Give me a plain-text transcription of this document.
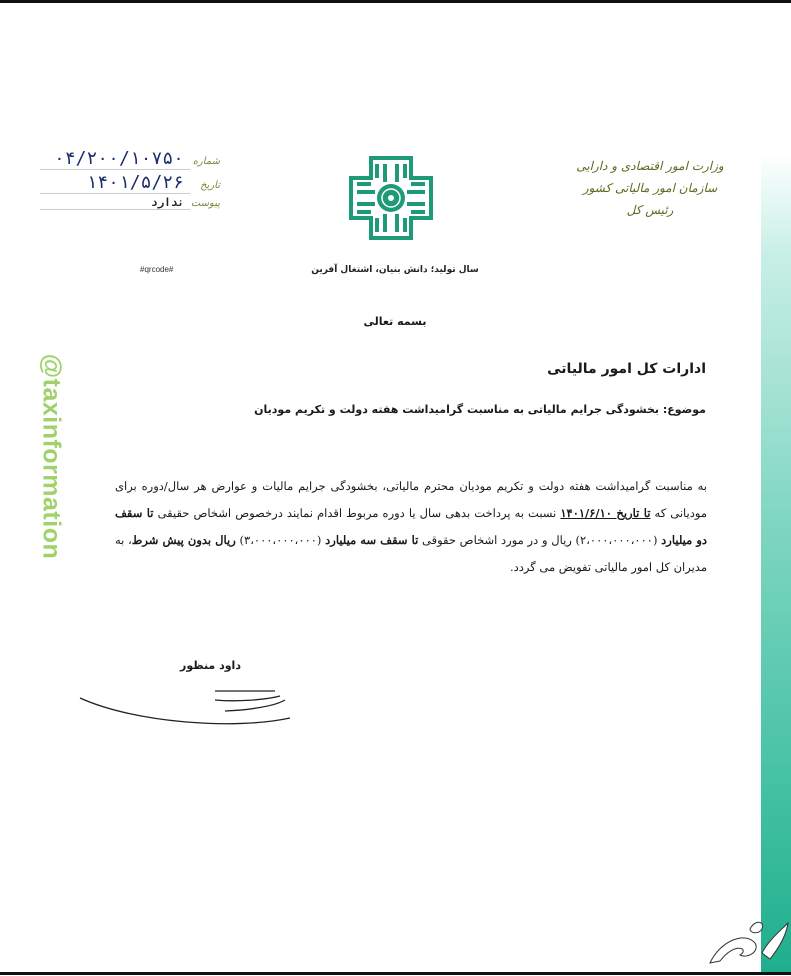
شماره
۰۴/۲۰۰/۱۰۷۵۰
تاریخ
۱۴۰۱/۵/۲۶
پیوست
ندارد
#qrcode#	سال تولید؛ دانش بنیان، اشتغال آفرین
وزارت امور اقتصادی و دارایی
سازمان امور مالیاتی کشور
رئیس کل
بسمه تعالی
ادارات کل امور مالیاتی
موضوع: بخشودگی جرایم مالیاتی به مناسبت گرامیداشت هفته دولت و تکریم مودیان
به مناسبت گرامیداشت هفته دولت و تکریم مودیان محترم مالیاتی، بخشودگی جرایم مالیات و عوارض هر سال/دوره برای مودیانی که تا تاریخ ۱۴۰۱/۶/۱۰ نسبت به پرداخت بدهی سال یا دوره مربوط اقدام نمایند درخصوص اشخاص حقیقی تا سقف دو میلیارد (۲،۰۰۰،۰۰۰،۰۰۰) ریال و در مورد اشخاص حقوقی تا سقف سه میلیارد (۳،۰۰۰،۰۰۰،۰۰۰) ریال بدون پیش شرط، به مدیران کل امور مالیاتی تفویض می گردد.
داود منظور
@taxinformation
